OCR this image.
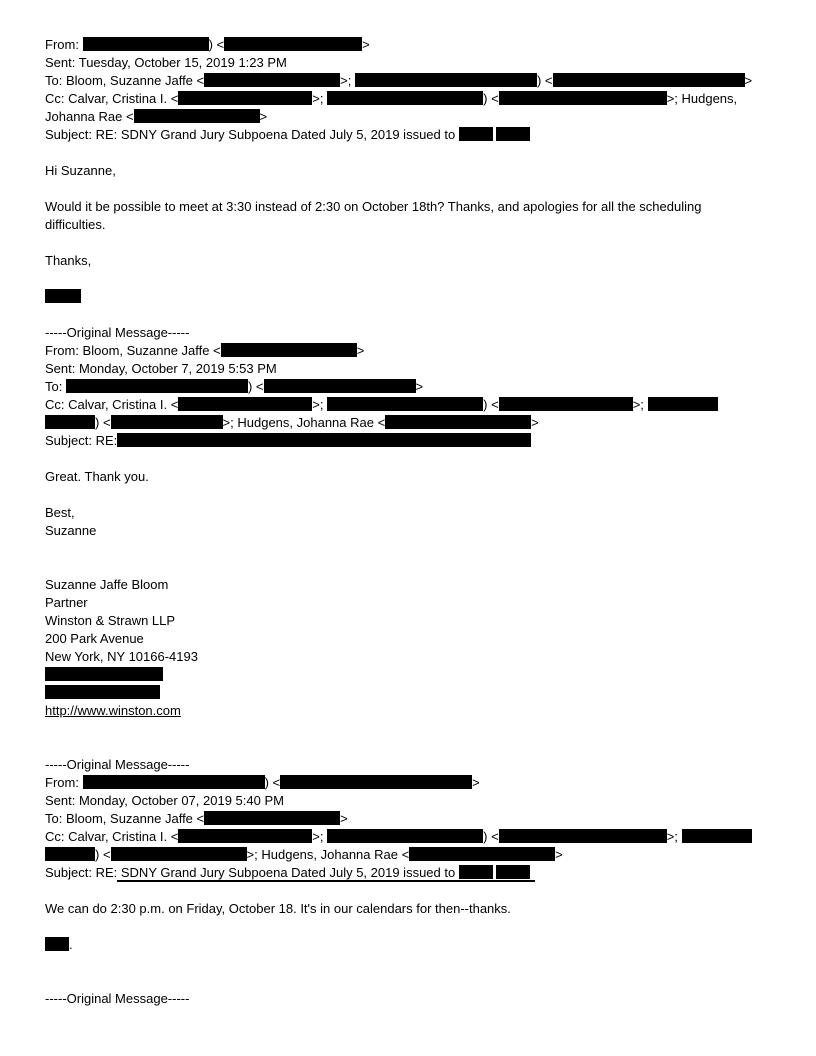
From:	) <	>
Sent: Tuesday, October 15, 2019 1:23 PM
To: Bloom, Suzanne Jaffe <	>;	) <	>
Cc: Calvar, Cristina I. <	>;	) <	>; Hudgens,
Johanna Rae <	>
Subject: RE: SDNY Grand Jury Subpoena Dated July 5, 2019 issued to
Hi Suzanne,
Would it be possible to meet at 3:30 instead of 2:30 on October 18th? Thanks, and apologies for all the scheduling
difficulties.
Thanks,
-----Original Message-----
From: Bloom, Suzanne Jaffe <	>
Sent: Monday, October 7, 2019 5:53 PM
To:	) <	>
Cc: Calvar, Cristina I. <	>;	) <	>;
) <	>; Hudgens, Johanna Rae <	>
Subject: RE:
Great. Thank you.
Best,
Suzanne
Suzanne Jaffe Bloom
Partner
Winston & Strawn LLP
200 Park Avenue
New York, NY 10166-4193
http://www.winston.com
-----Original Message-----
From:	) <	>
Sent: Monday, October 07, 2019 5:40 PM
To: Bloom, Suzanne Jaffe <	>
Cc: Calvar, Cristina I. <	>;	) <	>;
) <	>; Hudgens, Johanna Rae <	>
Subject: RE: SDNY Grand Jury Subpoena Dated July 5, 2019 issued to
We can do 2:30 p.m. on Friday, October 18. It's in our calendars for then--thanks.
.
-----Original Message-----
